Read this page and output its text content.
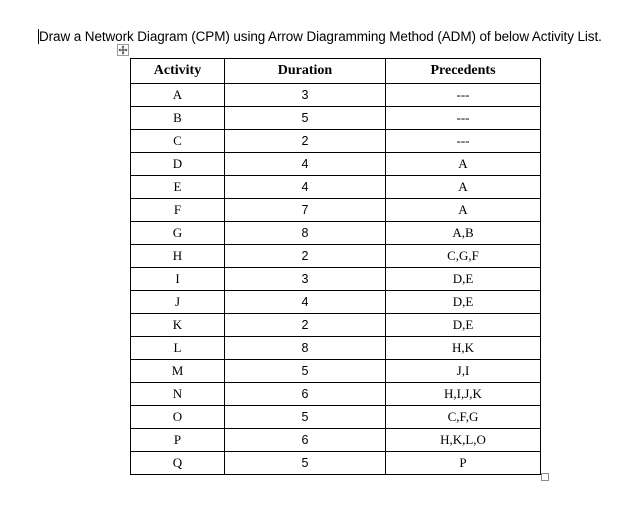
Draw a Network Diagram (CPM) using Arrow Diagramming Method (ADM) of below Activity List.
Activity	Duration	Precedents
A	3	---
B	5	---
C	2	---
D	4	A
E	4	A
F	7	A
G	8	A,B
H	2	C,G,F
I	3	D,E
J	4	D,E
K	2	D,E
L	8	H,K
M	5	J,I
N	6	H,I,J,K
O	5	C,F,G
P	6	H,K,L,O
Q	5	P
